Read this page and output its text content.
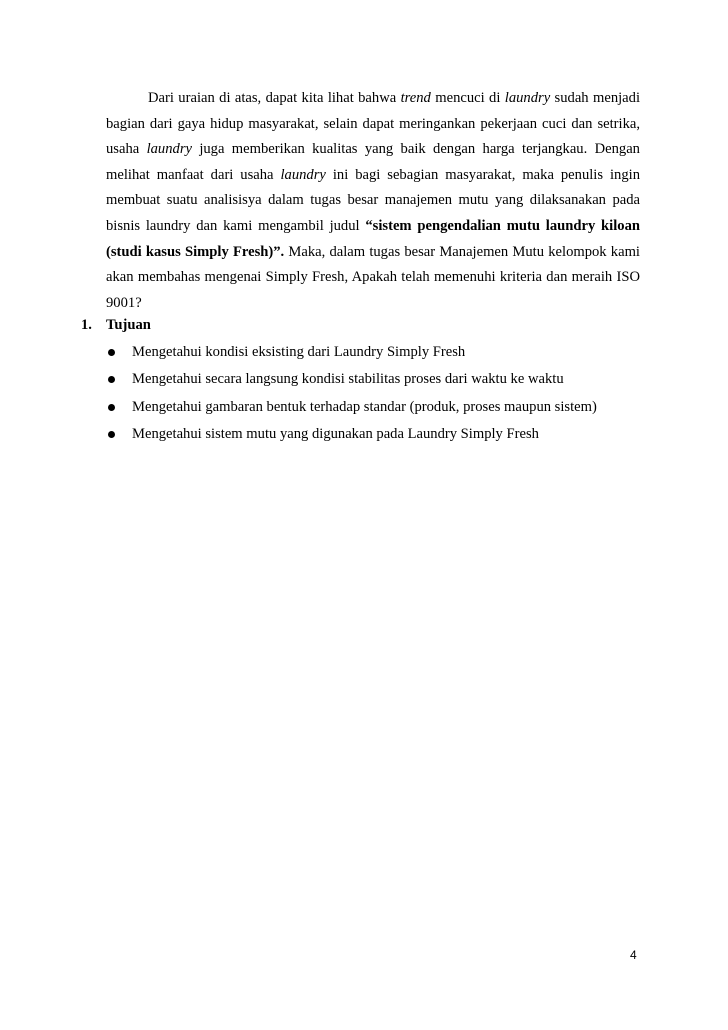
Dari uraian di atas, dapat kita lihat bahwa trend mencuci di laundry sudah menjadi
bagian dari gaya hidup masyarakat, selain dapat meringankan pekerjaan cuci dan setrika,
usaha laundry juga memberikan kualitas yang baik dengan harga terjangkau. Dengan
melihat manfaat dari usaha laundry ini bagi sebagian masyarakat, maka penulis ingin
membuat suatu analisisya dalam tugas besar manajemen mutu yang dilaksanakan pada
bisnis laundry dan kami mengambil judul “sistem pengendalian mutu laundry kiloan
(studi kasus Simply Fresh)”. Maka, dalam tugas besar Manajemen Mutu kelompok kami
akan membahas mengenai Simply Fresh, Apakah telah memenuhi kriteria dan meraih ISO
9001?
1. Tujuan
Mengetahui kondisi eksisting dari Laundry Simply Fresh
Mengetahui secara langsung kondisi stabilitas proses dari waktu ke waktu
Mengetahui gambaran bentuk terhadap standar (produk, proses maupun sistem)
Mengetahui sistem mutu yang digunakan pada Laundry Simply Fresh
4
